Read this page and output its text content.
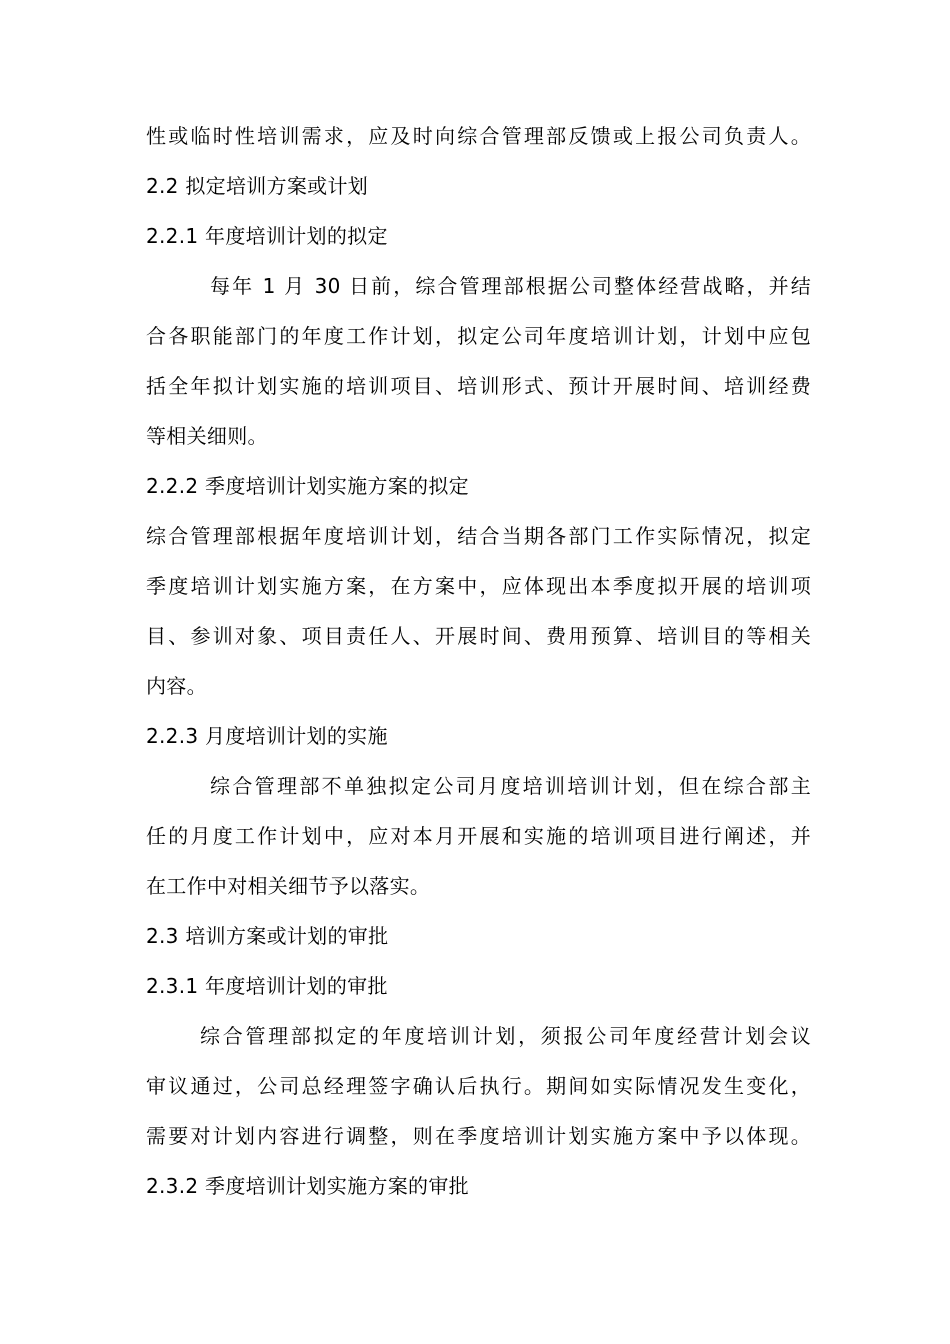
性或临时性培训需求，应及时向综合管理部反馈或上报公司负责人。
2.2 拟定培训方案或计划
2.2.1 年度培训计划的拟定
每年 1 月 30 日前，综合管理部根据公司整体经营战略，并结
合各职能部门的年度工作计划，拟定公司年度培训计划，计划中应包
括全年拟计划实施的培训项目、培训形式、预计开展时间、培训经费
等相关细则。
2.2.2 季度培训计划实施方案的拟定
综合管理部根据年度培训计划，结合当期各部门工作实际情况，拟定
季度培训计划实施方案，在方案中，应体现出本季度拟开展的培训项
目、参训对象、项目责任人、开展时间、费用预算、培训目的等相关
内容。
2.2.3 月度培训计划的实施
综合管理部不单独拟定公司月度培训培训计划，但在综合部主
任的月度工作计划中，应对本月开展和实施的培训项目进行阐述，并
在工作中对相关细节予以落实。
2.3 培训方案或计划的审批
2.3.1 年度培训计划的审批
综合管理部拟定的年度培训计划，须报公司年度经营计划会议
审议通过，公司总经理签字确认后执行。期间如实际情况发生变化，
需要对计划内容进行调整，则在季度培训计划实施方案中予以体现。
2.3.2 季度培训计划实施方案的审批
